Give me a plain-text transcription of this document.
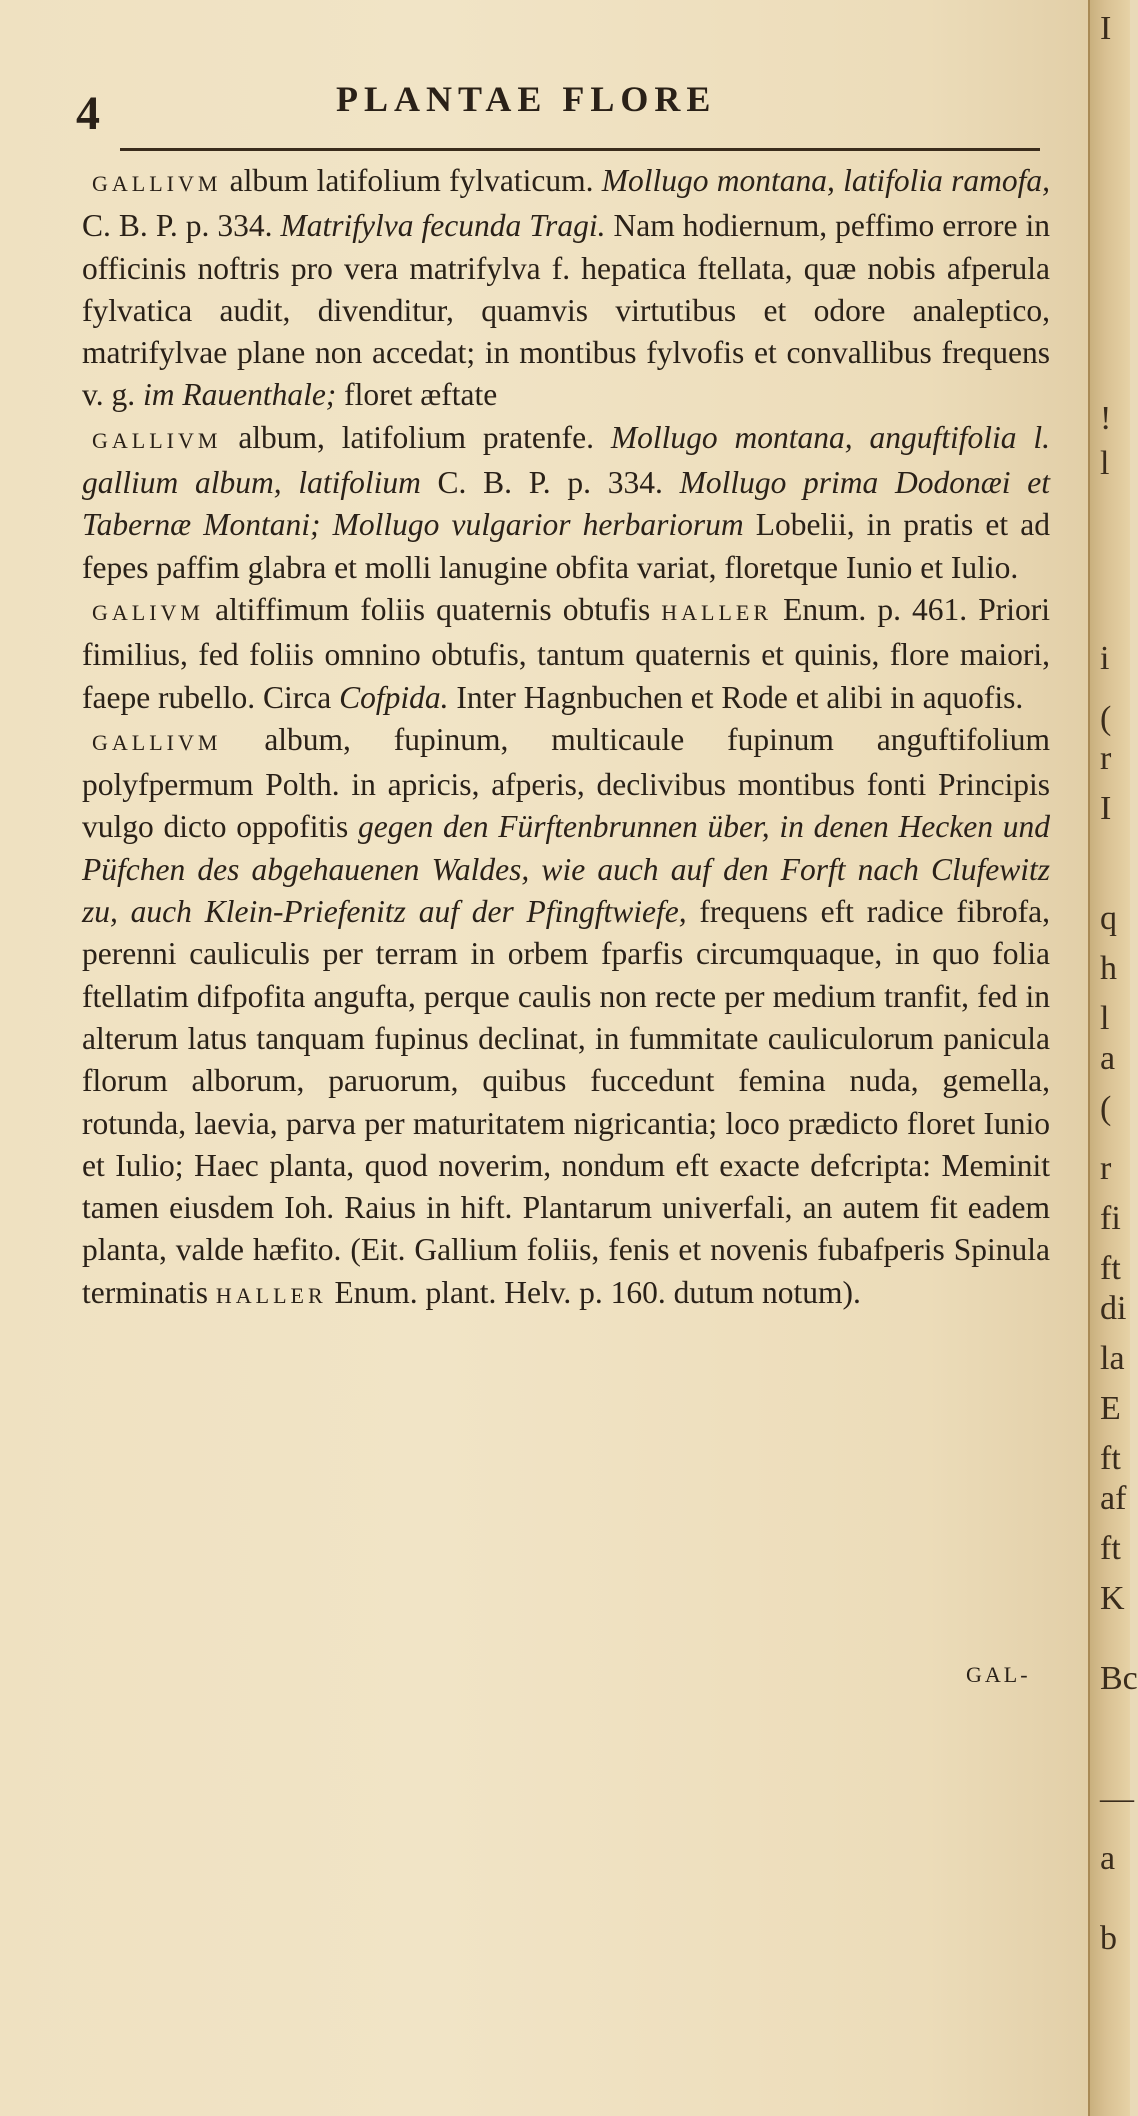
4	PLANTAE FLORE

GALLIVM album latifolium fylvaticum. Mollugo montana, latifolia ramofa, C. B. P. p. 334. Matrifylva fecunda Tragi. Nam hodiernum, peffimo errore in officinis noftris pro vera matrifylva f. hepatica ftellata, quæ nobis afperula fylvatica audit, divenditur, quamvis virtutibus et odore analeptico, matrifylvae plane non accedat; in montibus fylvofis et convallibus frequens v. g. im Rauenthale; floret æftate

GALLIVM album, latifolium pratenfe. Mollugo montana, anguftifolia l. gallium album, latifolium C. B. P. p. 334. Mollugo prima Dodonæi et Tabernæ Montani; Mollugo vulgarior herbariorum Lobelii, in pratis et ad fepes paffim glabra et molli lanugine obfita variat, floretque Iunio et Iulio.

GALIVM altiffimum foliis quaternis obtufis HALLER Enum. p. 461. Priori fimilius, fed foliis omnino obtufis, tantum quaternis et quinis, flore maiori, faepe rubello. Circa Cofpida. Inter Hagnbuchen et Rode et alibi in aquofis.

GALLIVM album, fupinum, multicaule fupinum anguftifolium polyfpermum Polth. in apricis, afperis, declivibus montibus fonti Principis vulgo dicto oppofitis gegen den Fürftenbrunnen über, in denen Hecken und Püfchen des abgehauenen Waldes, wie auch auf den Forft nach Clufewitz zu, auch Klein-Priefenitz auf der Pfingftwiefe, frequens eft radice fibrofa, perenni cauliculis per terram in orbem fparfis circumquaque, in quo folia ftellatim difpofita angufta, perque caulis non recte per medium tranfit, fed in alterum latus tanquam fupinus declinat, in fummitate cauliculorum panicula florum alborum, paruorum, quibus fuccedunt femina nuda, gemella, rotunda, laevia, parva per maturitatem nigricantia; loco prædicto floret Iunio et Iulio; Haec planta, quod noverim, nondum eft exacte defcripta: Meminit tamen eiusdem Ioh. Raius in hift. Plantarum univerfali, an autem fit eadem planta, valde hæfito. (Eit. Gallium foliis, fenis et novenis fubafperis Spinula terminatis HALLER Enum. plant. Helv. p. 160. dutum notum).

GAL-
I
!
l
i
(
r
I
q
h
l
a
(
r
fi
ft
di
la
E
ft
af
ft
K
Bc
—
a
b
